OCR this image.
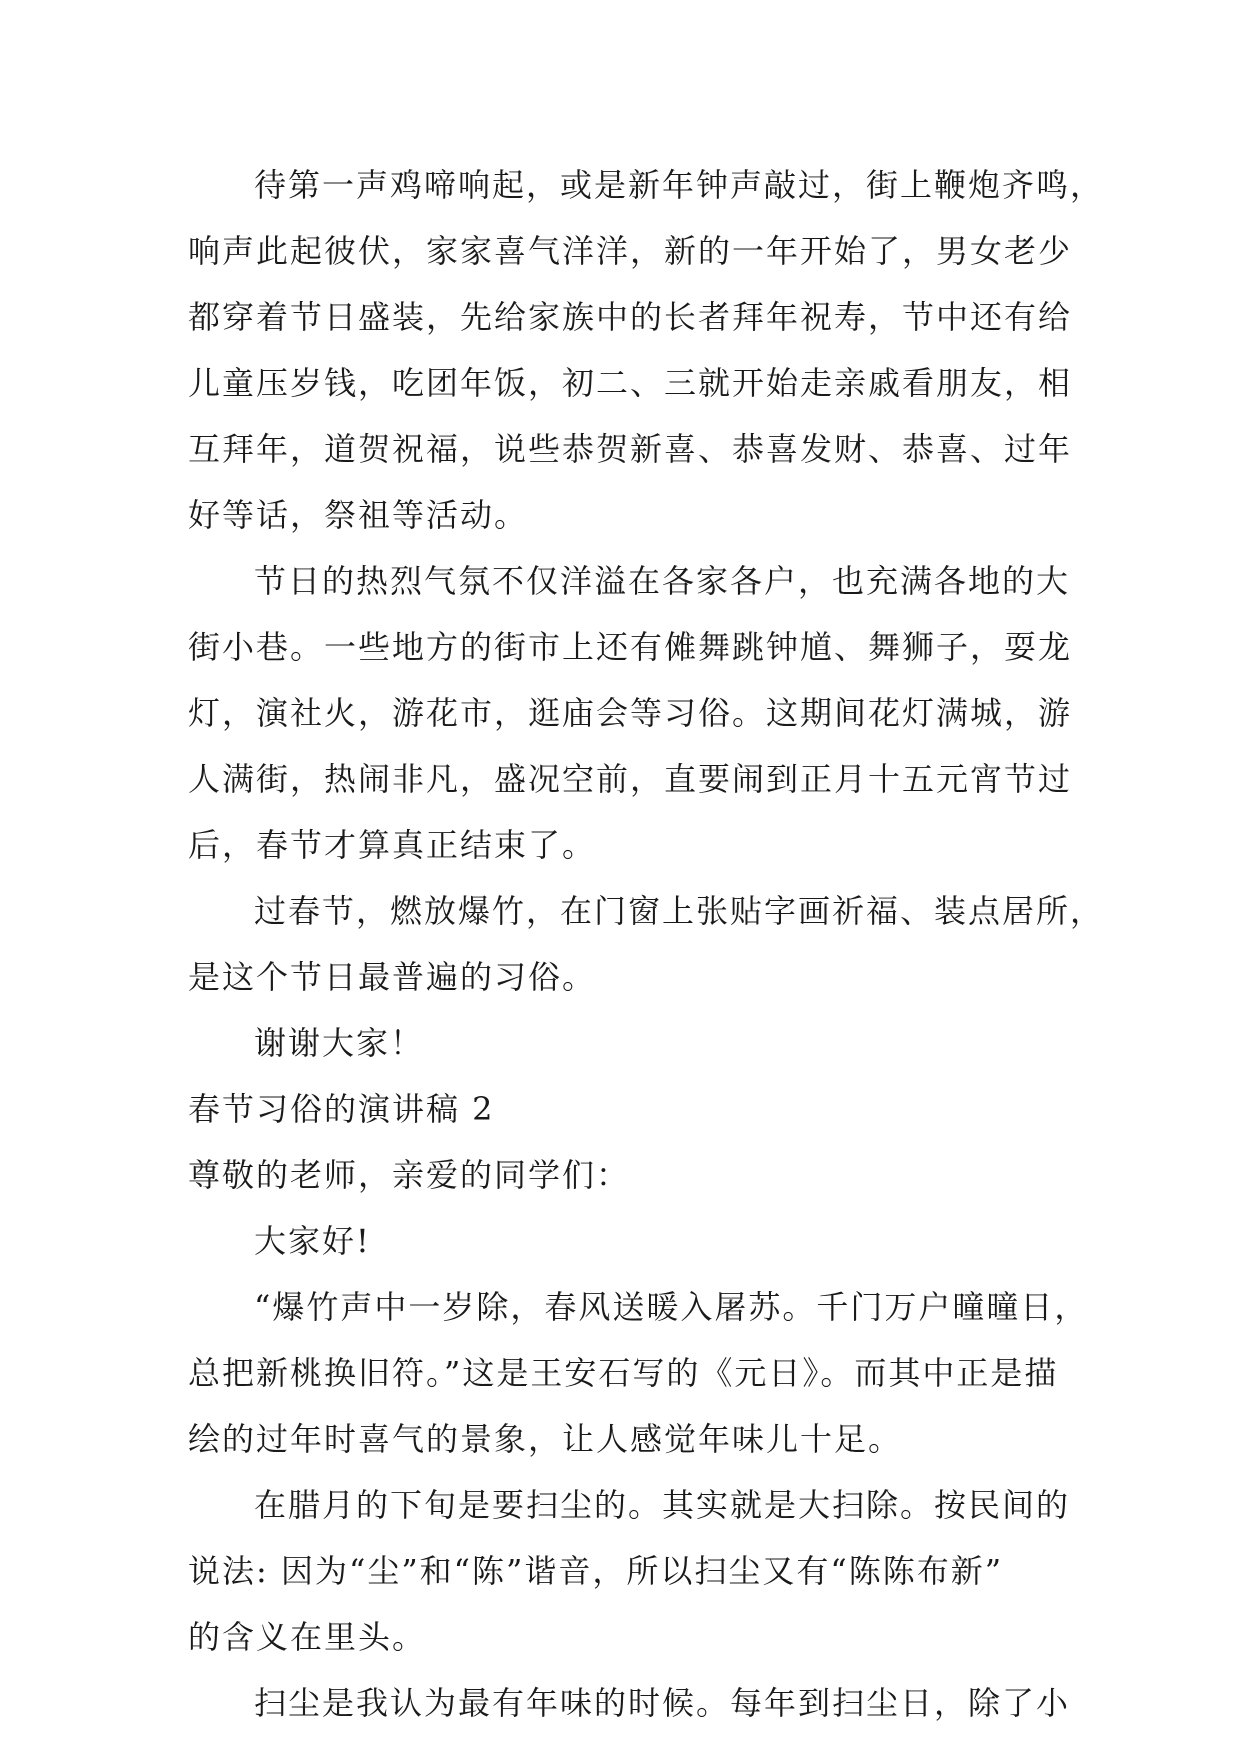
待第一声鸡啼响起，或是新年钟声敲过，街上鞭炮齐鸣，
响声此起彼伏，家家喜气洋洋，新的一年开始了，男女老少
都穿着节日盛装，先给家族中的长者拜年祝寿，节中还有给
儿童压岁钱，吃团年饭，初二、三就开始走亲戚看朋友，相
互拜年，道贺祝福，说些恭贺新喜、恭喜发财、恭喜、过年
好等话，祭祖等活动。
节日的热烈气氛不仅洋溢在各家各户，也充满各地的大
街小巷。一些地方的街市上还有傩舞跳钟馗、舞狮子，耍龙
灯，演社火，游花市，逛庙会等习俗。这期间花灯满城，游
人满街，热闹非凡，盛况空前，直要闹到正月十五元宵节过
后，春节才算真正结束了。
过春节，燃放爆竹，在门窗上张贴字画祈福、装点居所，
是这个节日最普遍的习俗。
谢谢大家！
春节习俗的演讲稿 2
尊敬的老师，亲爱的同学们：
大家好!
“爆竹声中一岁除，春风送暖入屠苏。千门万户曈曈日，
总把新桃换旧符。”这是王安石写的《元日》。而其中正是描
绘的过年时喜气的景象，让人感觉年味儿十足。
在腊月的下旬是要扫尘的。其实就是大扫除。按民间的
说法: 因为“尘”和“陈”谐音，所以扫尘又有“陈陈布新”
的含义在里头。
扫尘是我认为最有年味的时候。每年到扫尘日，除了小
